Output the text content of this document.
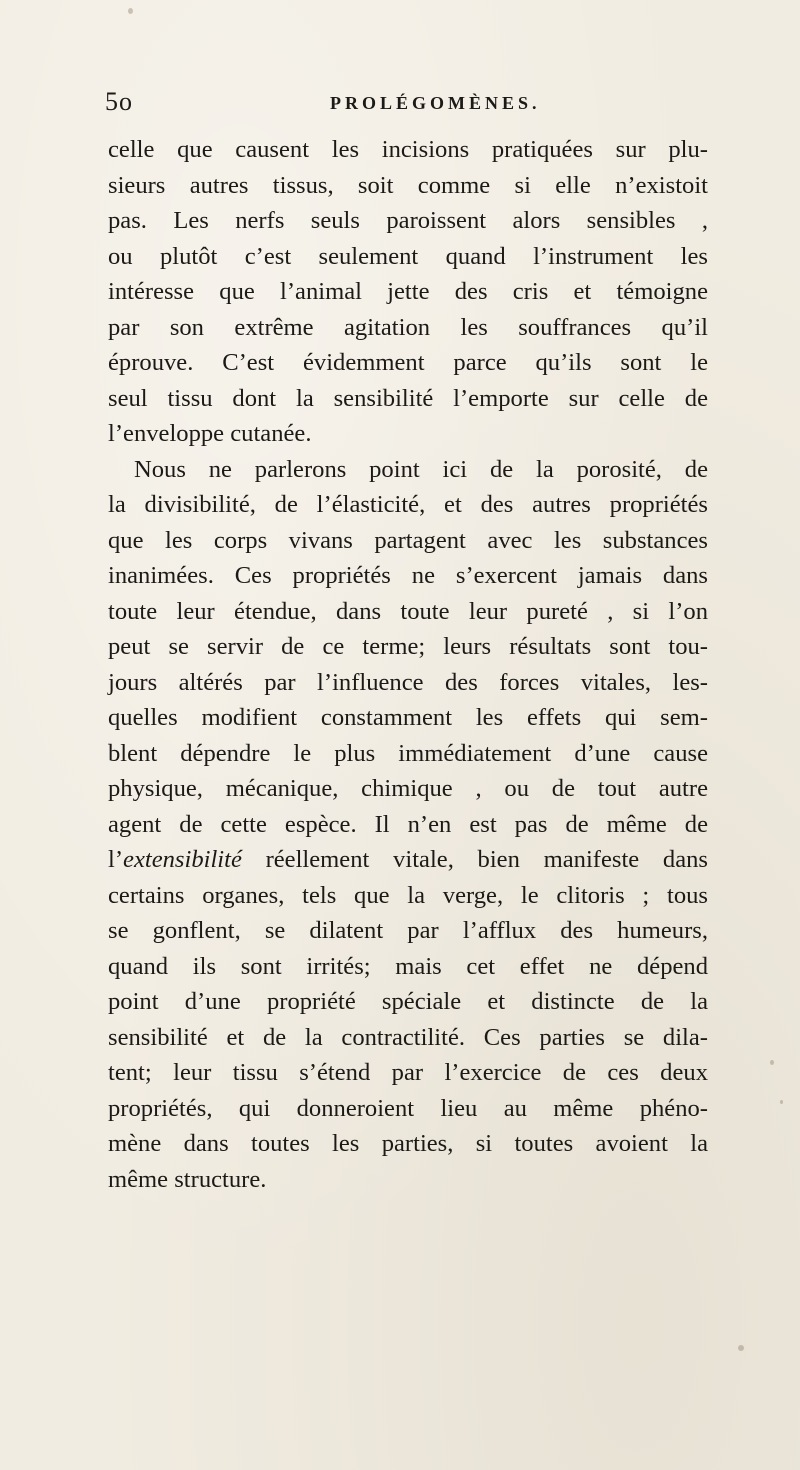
5o	PROLÉGOMÈNES.
celle que causent les incisions pratiquées sur plu-
sieurs autres tissus, soit comme si elle n’existoit
pas. Les nerfs seuls paroissent alors sensibles ,
ou plutôt c’est seulement quand l’instrument les
intéresse que l’animal jette des cris et témoigne
par son extrême agitation les souffrances qu’il
éprouve. C’est évidemment parce qu’ils sont le
seul tissu dont la sensibilité l’emporte sur celle de
l’enveloppe cutanée.
Nous ne parlerons point ici de la porosité, de
la divisibilité, de l’élasticité, et des autres propriétés
que les corps vivans partagent avec les substances
inanimées. Ces propriétés ne s’exercent jamais dans
toute leur étendue, dans toute leur pureté , si l’on
peut se servir de ce terme; leurs résultats sont tou-
jours altérés par l’influence des forces vitales, les-
quelles modifient constamment les effets qui sem-
blent dépendre le plus immédiatement d’une cause
physique, mécanique, chimique , ou de tout autre
agent de cette espèce. Il n’en est pas de même de
l’extensibilité réellement vitale, bien manifeste dans
certains organes, tels que la verge, le clitoris ; tous
se gonflent, se dilatent par l’afflux des humeurs,
quand ils sont irrités; mais cet effet ne dépend
point d’une propriété spéciale et distincte de la
sensibilité et de la contractilité. Ces parties se dila-
tent; leur tissu s’étend par l’exercice de ces deux
propriétés, qui donneroient lieu au même phéno-
mène dans toutes les parties, si toutes avoient la
même structure.
